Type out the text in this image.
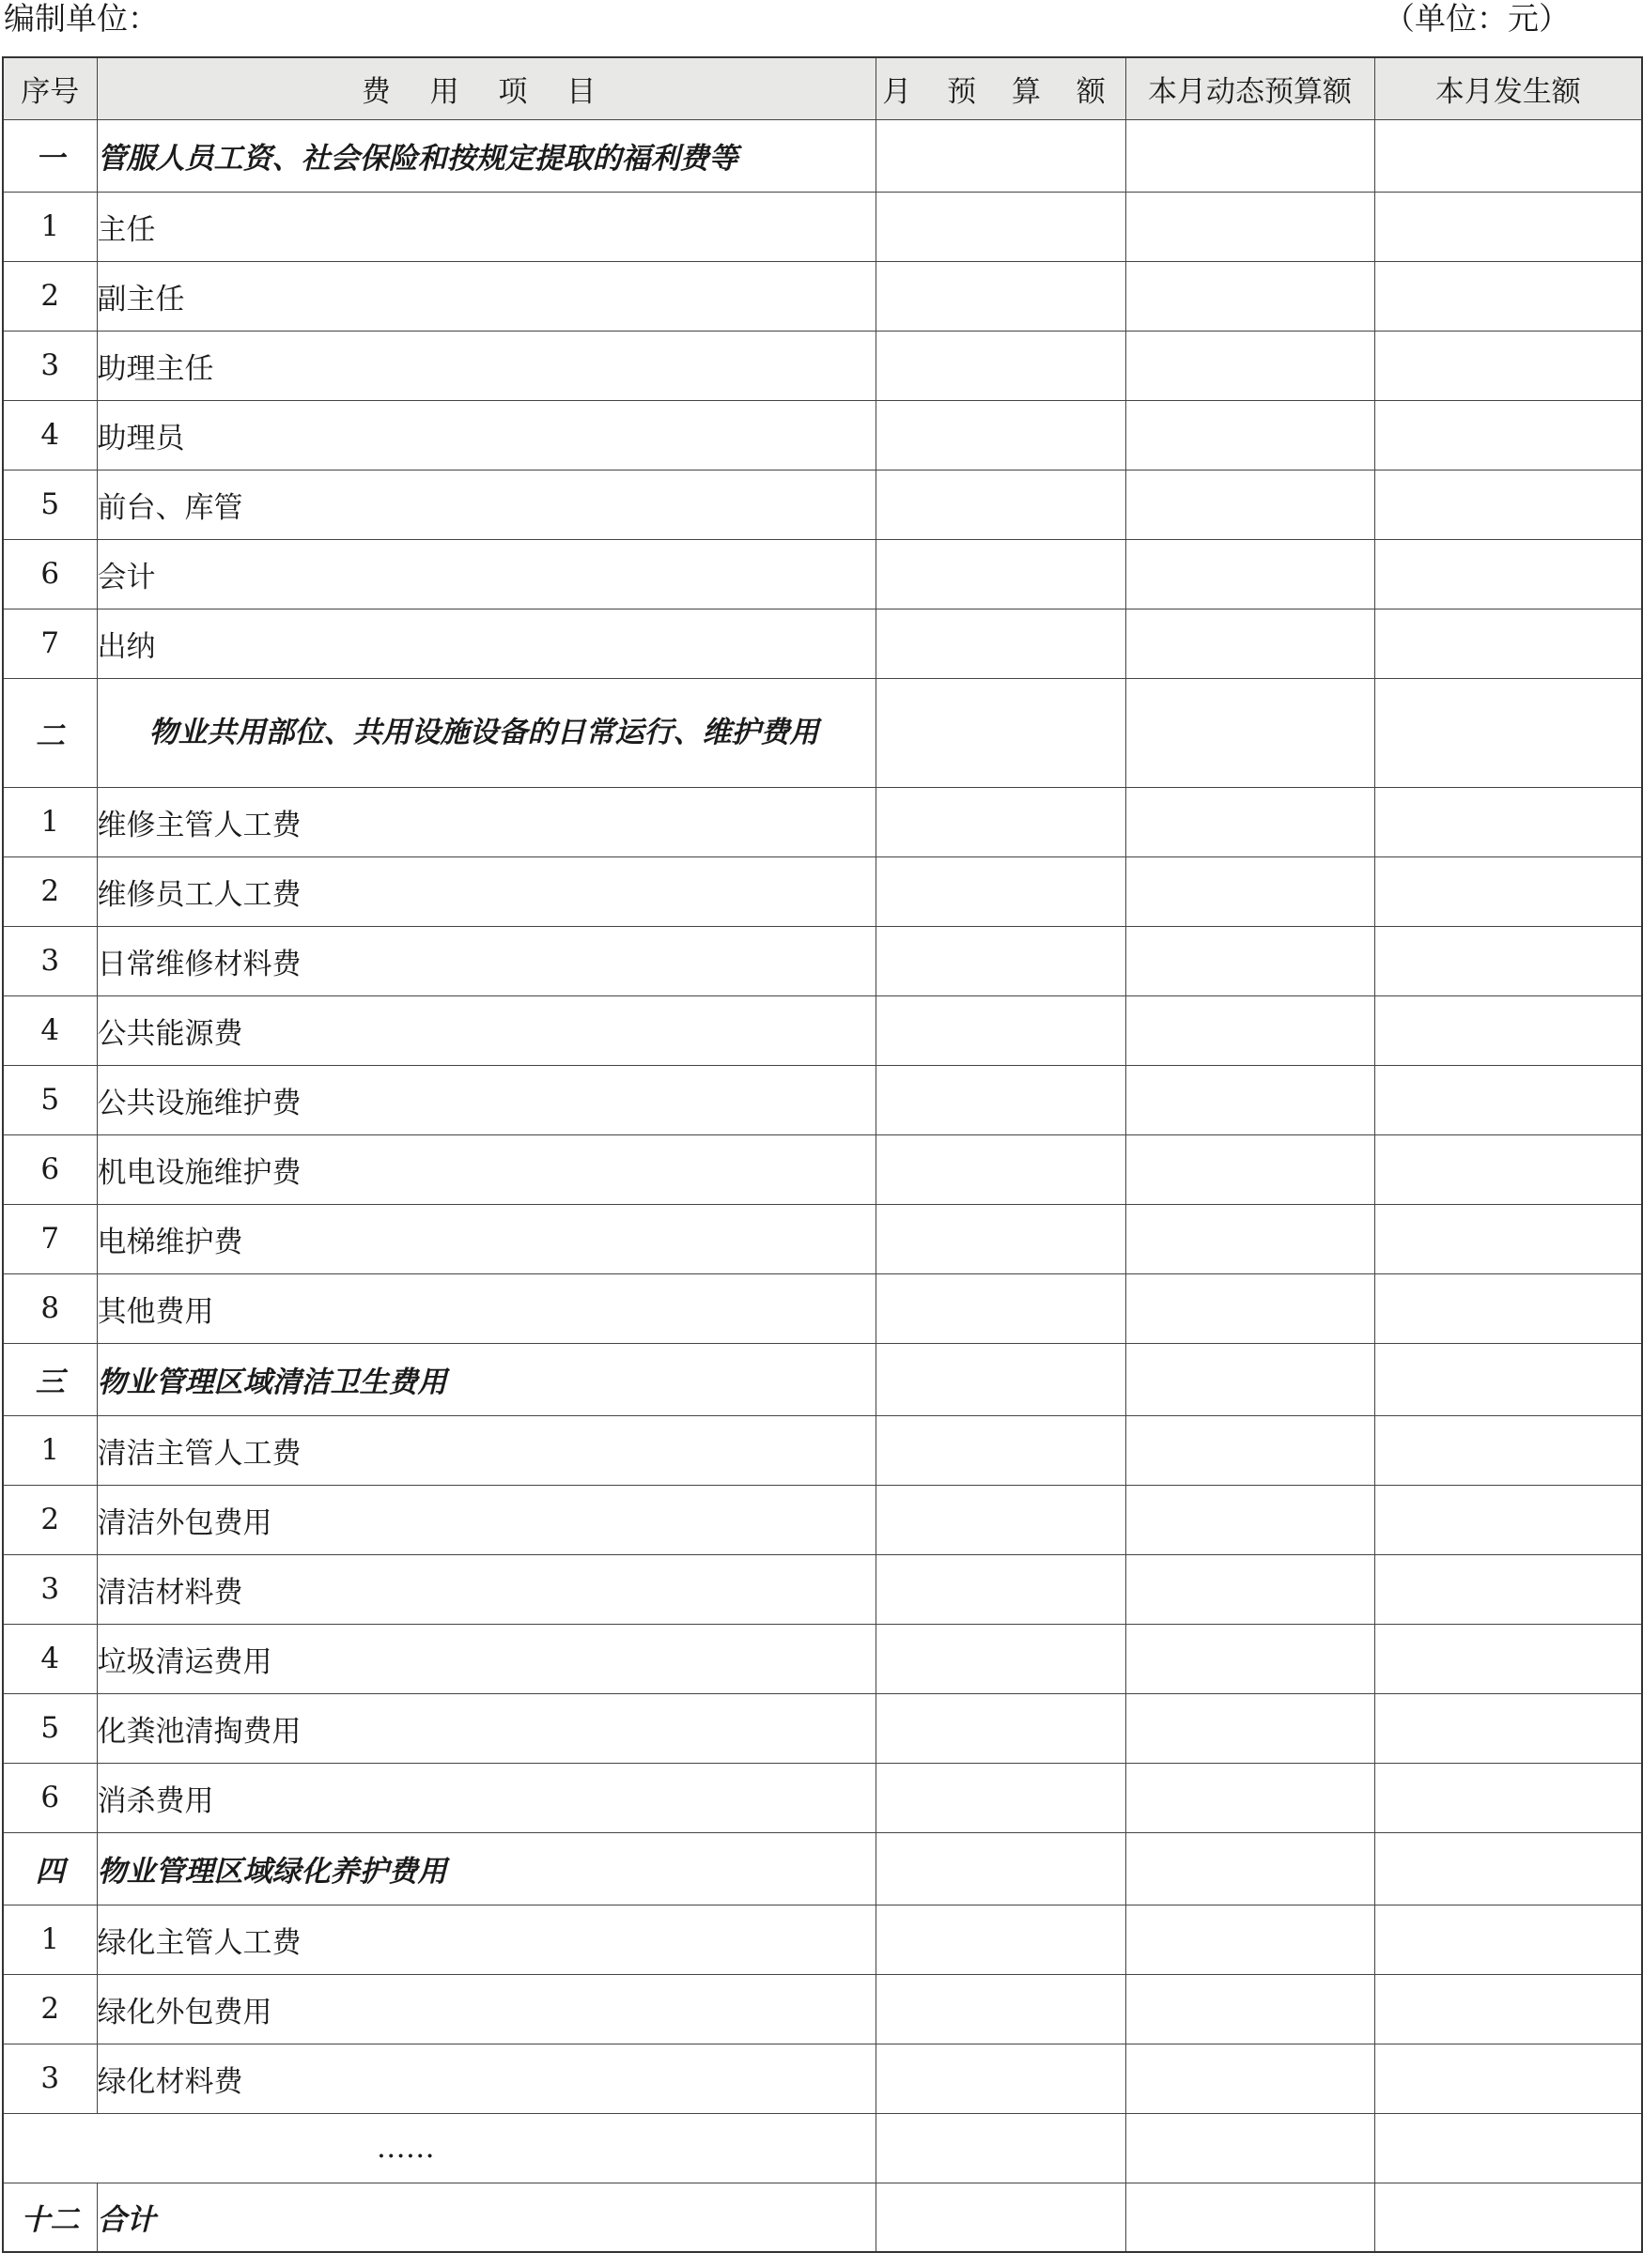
编制单位：	（单位：元）
序号	费 用 项 目	月 预 算 额	本月动态预算额	本月发生额
一	管服人员工资、社会保险和按规定提取的福利费等			
1	主任			
2	副主任			
3	助理主任			
4	助理员			
5	前台、库管			
6	会计			
7	出纳			
二	物业共用部位、共用设施设备的日常运行、维护费用			
1	维修主管人工费			
2	维修员工人工费			
3	日常维修材料费			
4	公共能源费			
5	公共设施维护费			
6	机电设施维护费			
7	电梯维护费			
8	其他费用			
三	物业管理区域清洁卫生费用			
1	清洁主管人工费			
2	清洁外包费用			
3	清洁材料费			
4	垃圾清运费用			
5	化粪池清掏费用			
6	消杀费用			
四	物业管理区域绿化养护费用			
1	绿化主管人工费			
2	绿化外包费用			
3	绿化材料费			
……				
十二	合计			
